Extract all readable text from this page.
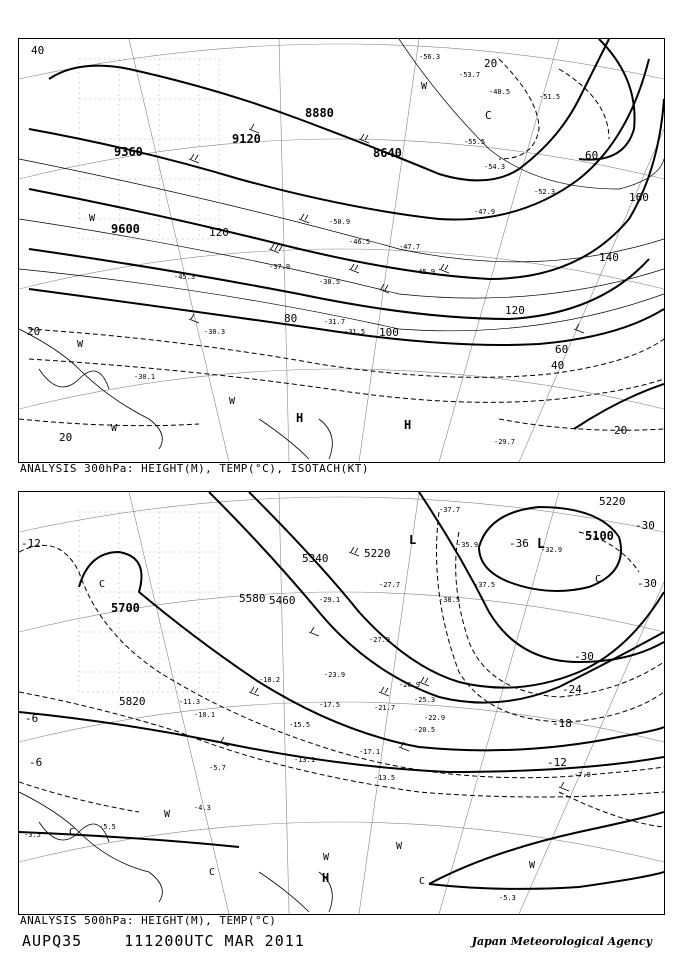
8640
8880
9120
9360
9600
20
20
40
40
60
80
100
120
120
140
160
60
20
20
-54.3
-53.7
-48.5
-47.9
-45.9
-47.7
-50.9
-46.5
-38.5
-37.9
-31.7
-31.5
-30.3
-30.1
-29.7
-52.3
-55.5
-56.3
-51.5
-45.3
H	H
C
W
W
W
W
W
ANALYSIS 300hPa: HEIGHT(M), TEMP(°C), ISOTACH(KT)
5100
5220
5340
5460
5580
5700
5820
5220
-36
-30
-30
-24
-18
-12
-6
-6
-12
-30
-37.7
-35.9
-38.5
-37.5
-32.9
-29.1
-27.9
-27.7
-26.9
-25.3
-23.9
-22.9
-21.7
-20.5
-18.2
-17.1
-17.5
-15.5
-13.5
-13.1
-11.3
-10.1
-7.9
-5.7
-5.5
-5.3
-4.3
-3.5
L
L
H
C	C
C
C
C
W
W
W
W
ANALYSIS 500hPa: HEIGHT(M), TEMP(°C)
AUPQ35	111200UTC MAR 2011	Japan Meteorological Agency
